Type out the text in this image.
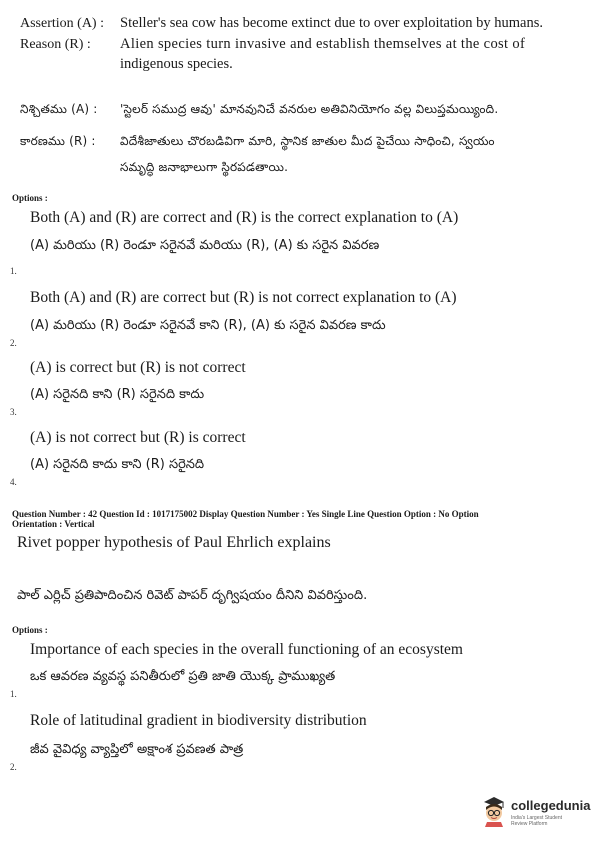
Assertion (A) : Steller's sea cow has become extinct due to over exploitation by humans.
Reason (R) : Alien species turn invasive and establish themselves at the cost of
indigenous species.
నిశ్చితము (A) : 'స్టెలర్ సముద్ర ఆవు' మానవునిచే వనరుల అతివినియోగం వల్ల విలుప్తమయ్యింది.
కారణము (R) : విదేశీజాతులు చొరబడివిగా మారి, స్థానిక జాతుల మీద పైచేయి సాధించి, స్వయం
సమృద్ధి జనాభాలుగా స్థిరపడతాయి.
Options :
Both (A) and (R) are correct and (R) is the correct explanation to (A)
(A) మరియు (R) రెండూ సరైనవే మరియు (R), (A) కు సరైన వివరణ
1.
Both (A) and (R) are correct but (R) is not correct explanation to (A)
(A) మరియు (R) రెండూ సరైనవే కాని (R), (A) కు సరైన వివరణ కాదు
2.
(A) is correct but (R) is not correct
(A) సరైనది కాని (R) సరైనది కాదు
3.
(A) is not correct but (R) is correct
(A) సరైనది కాదు కాని (R) సరైనది
4.
Question Number : 42 Question Id : 1017175002 Display Question Number : Yes Single Line Question Option : No Option
Orientation : Vertical
Rivet popper hypothesis of Paul Ehrlich explains
పాల్ ఎర్లిచ్ ప్రతిపాదించిన రివెట్ పాపర్ దృగ్విషయం దీనిని వివరిస్తుంది.
Options :
Importance of each species in the overall functioning of an ecosystem
ఒక ఆవరణ వ్యవస్థ పనితీరులో ప్రతి జాతి యొక్క ప్రాముఖ్యత
1.
Role of latitudinal gradient in biodiversity distribution
జీవ వైవిధ్య వ్యాప్తిలో అక్షాంశ ప్రవణత పాత్ర
2.
collegedunia
India's Largest Student Review Platform
